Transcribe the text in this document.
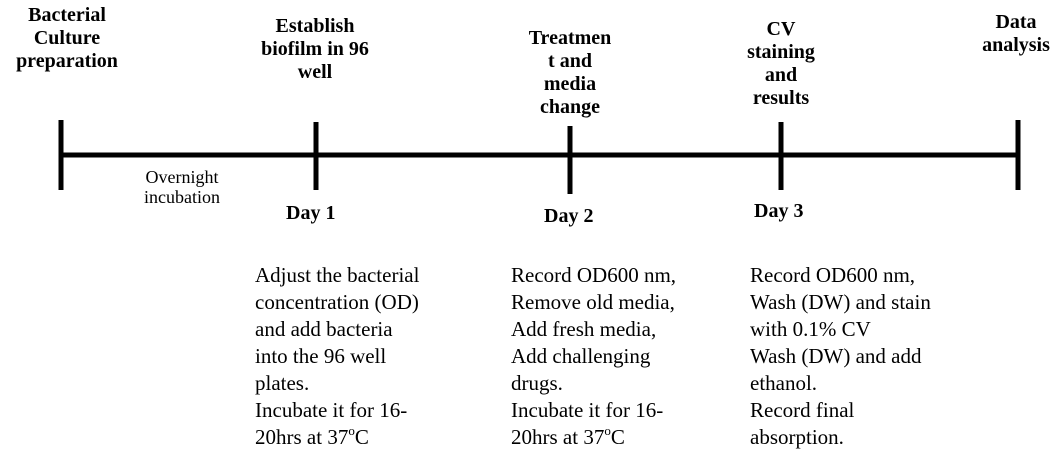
Bacterial
Culture
preparation
Establish
biofilm in 96
well
Treatmen
t and
media
change
CV
staining
and
results
Data
analysis
Overnight
incubation
Day 1	Day 2	Day 3
Adjust the bacterial
concentration (OD)
and add bacteria
into the 96 well
plates.
Incubate it for 16-
20hrs at 37$^o$C
Record OD600 nm,
Remove old media,
Add fresh media,
Add challenging
drugs.
Incubate it for 16-
20hrs at 37$^o$C
Record OD600 nm,
Wash (DW) and stain
with 0.1% CV
Wash (DW) and add
ethanol.
Record final
absorption.
